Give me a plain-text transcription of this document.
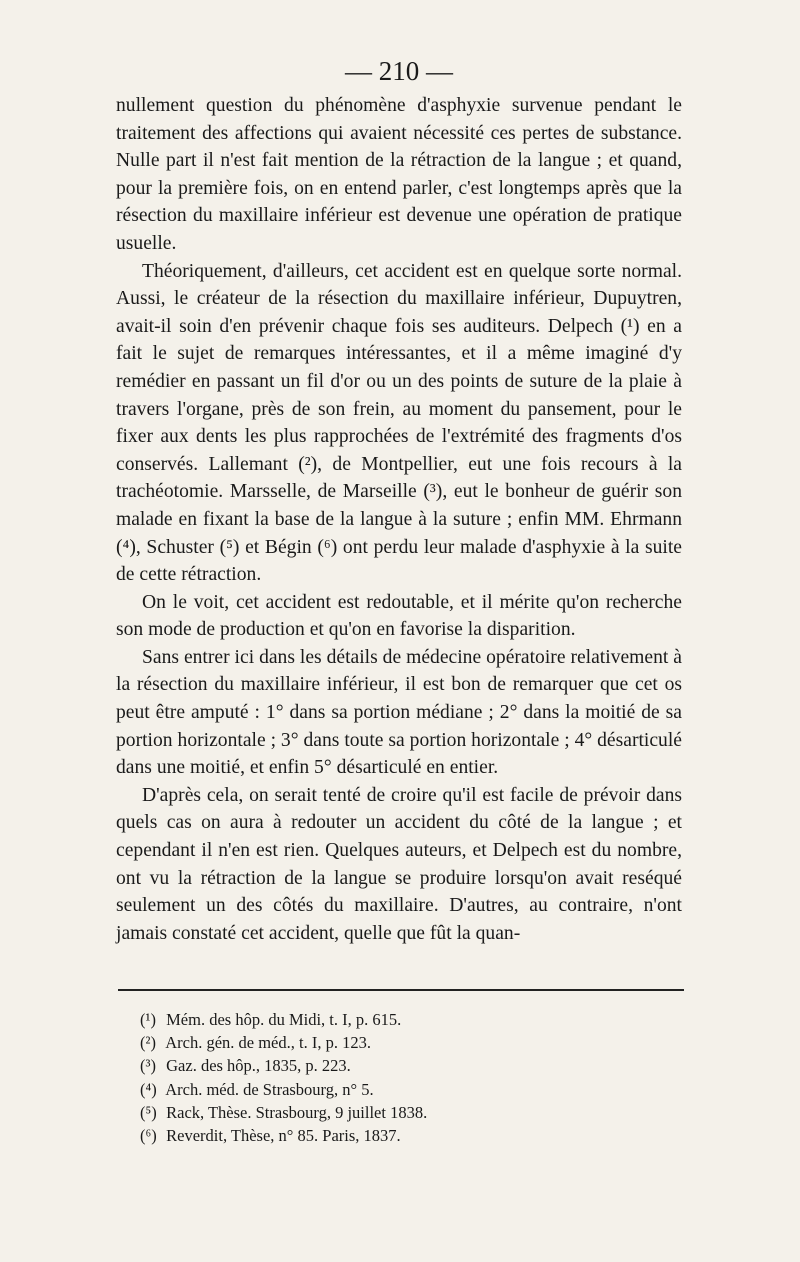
— 210 —

nullement question du phénomène d'asphyxie survenue pendant le traitement des affections qui avaient nécessité ces pertes de substance. Nulle part il n'est fait mention de la rétraction de la langue ; et quand, pour la première fois, on en entend parler, c'est longtemps après que la résection du maxillaire inférieur est devenue une opération de pratique usuelle.

Théoriquement, d'ailleurs, cet accident est en quelque sorte normal. Aussi, le créateur de la résection du maxillaire inférieur, Dupuytren, avait-il soin d'en prévenir chaque fois ses auditeurs. Delpech (¹) en a fait le sujet de remarques intéressantes, et il a même imaginé d'y remédier en passant un fil d'or ou un des points de suture de la plaie à travers l'organe, près de son frein, au moment du pansement, pour le fixer aux dents les plus rapprochées de l'extrémité des fragments d'os conservés. Lallemant (²), de Montpellier, eut une fois recours à la trachéotomie. Marsselle, de Marseille (³), eut le bonheur de guérir son malade en fixant la base de la langue à la suture ; enfin MM. Ehrmann (⁴), Schuster (⁵) et Bégin (⁶) ont perdu leur malade d'asphyxie à la suite de cette rétraction.

On le voit, cet accident est redoutable, et il mérite qu'on recherche son mode de production et qu'on en favorise la disparition.

Sans entrer ici dans les détails de médecine opératoire relativement à la résection du maxillaire inférieur, il est bon de remarquer que cet os peut être amputé : 1° dans sa portion médiane ; 2° dans la moitié de sa portion horizontale ; 3° dans toute sa portion horizontale ; 4° désarticulé dans une moitié, et enfin 5° désarticulé en entier.

D'après cela, on serait tenté de croire qu'il est facile de prévoir dans quels cas on aura à redouter un accident du côté de la langue ; et cependant il n'en est rien. Quelques auteurs, et Delpech est du nombre, ont vu la rétraction de la langue se produire lorsqu'on avait reséqué seulement un des côtés du maxillaire. D'autres, au contraire, n'ont jamais constaté cet accident, quelle que fût la quan-

(¹) Mém. des hôp. du Midi, t. I, p. 615.
(²) Arch. gén. de méd., t. I, p. 123.
(³) Gaz. des hôp., 1835, p. 223.
(⁴) Arch. méd. de Strasbourg, n° 5.
(⁵) Rack, Thèse. Strasbourg, 9 juillet 1838.
(⁶) Reverdit, Thèse, n° 85. Paris, 1837.
